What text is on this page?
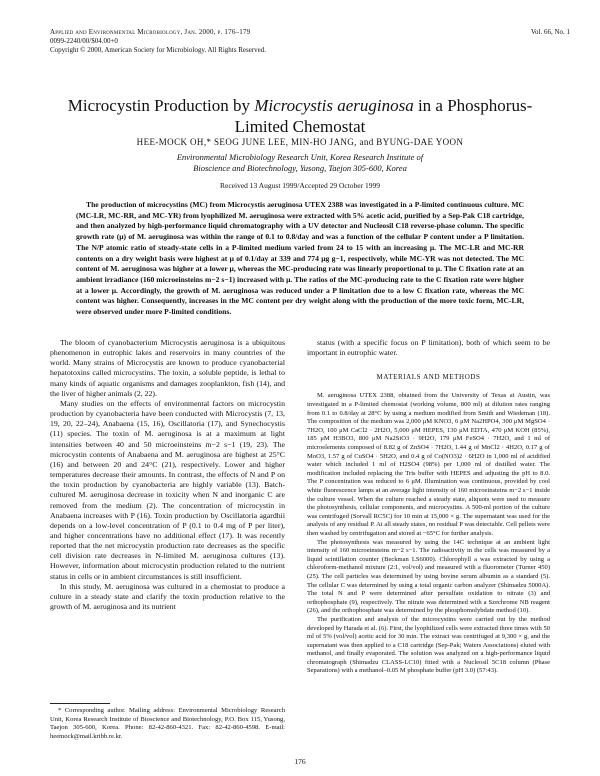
Applied and Environmental Microbiology, Jan. 2000, p. 176–179
0099-2240/00/$04.00+0
Copyright © 2000, American Society for Microbiology. All Rights Reserved.
Vol. 66, No. 1
Microcystin Production by Microcystis aeruginosa in a Phosphorus-Limited Chemostat
HEE-MOCK OH,* SEOG JUNE LEE, MIN-HO JANG, and BYUNG-DAE YOON
Environmental Microbiology Research Unit, Korea Research Institute of
Bioscience and Biotechnology, Yusong, Taejon 305-600, Korea
Received 13 August 1999/Accepted 29 October 1999

The production of microcystins (MC) from Microcystis aeruginosa UTEX 2388 was investigated in a P-limited continuous culture. MC (MC-LR, MC-RR, and MC-YR) from lyophilized M. aeruginosa were extracted with 5% acetic acid, purified by a Sep-Pak C18 cartridge, and then analyzed by high-performance liquid chromatography with a UV detector and Nucleosil C18 reverse-phase column. The specific growth rate (μ) of M. aeruginosa was within the range of 0.1 to 0.8/day and was a function of the cellular P content under a P limitation. The N/P atomic ratio of steady-state cells in a P-limited medium varied from 24 to 15 with an increasing μ. The MC-LR and MC-RR contents on a dry weight basis were highest at μ of 0.1/day at 339 and 774 μg g−1, respectively, while MC-YR was not detected. The MC content of M. aeruginosa was higher at a lower μ, whereas the MC-producing rate was linearly proportional to μ. The C fixation rate at an ambient irradiance (160 microeinsteins m−2 s−1) increased with μ. The ratios of the MC-producing rate to the C fixation rate were higher at a lower μ. Accordingly, the growth of M. aeruginosa was reduced under a P limitation due to a low C fixation rate, whereas the MC content was higher. Consequently, increases in the MC content per dry weight along with the production of the more toxic form, MC-LR, were observed under more P-limited conditions.

The bloom of cyanobacterium Microcystis aeruginosa is a ubiquitous phenomenon in eutrophic lakes and reservoirs in many countries of the world. Many strains of Microcystis are known to produce cyanobacterial hepatotoxins called microcystins. The toxin, a soluble peptide, is lethal to many kinds of aquatic organisms and damages zooplankton, fish (14), and the liver of higher animals (2, 22).

Many studies on the effects of environmental factors on microcystin production by cyanobacteria have been conducted with Microcystis (7, 13, 19, 20, 22–24), Anabaena (15, 16), Oscillatoria (17), and Synechocystis (11) species. The toxin of M. aeruginosa is at a maximum at light intensities between 40 and 50 microeinsteins m−2 s−1 (19, 23). The microcystin contents of Anabaena and M. aeruginosa are highest at 25°C (16) and between 20 and 24°C (21), respectively. Lower and higher temperatures decrease their amounts. In contrast, the effects of N and P on the toxin production by cyanobacteria are highly variable (13). Batch-cultured M. aeruginosa decrease in toxicity when N and inorganic C are removed from the medium (2). The concentration of microcystin in Anabaena increases with P (16). Toxin production by Oscillatoria agardhii depends on a low-level concentration of P (0.1 to 0.4 mg of P per liter), and higher concentrations have no additional effect (17). It was recently reported that the net microcystin production rate decreases as the specific cell division rate decreases in N-limited M. aeruginosa cultures (13). However, information about microcystin production related to the nutrient status in cells or in ambient circumstances is still insufficient.

In this study, M. aeruginosa was cultured in a chemostat to produce a culture in a steady state and clarify the toxin production relative to the growth of M. aeruginosa and its nutrient

* Corresponding author. Mailing address: Environmental Microbiology Research Unit, Korea Research Institute of Bioscience and Biotechnology, P.O. Box 115, Yusong, Taejon 305-600, Korea. Phone: 82-42-860-4321. Fax: 82-42-860-4598. E-mail: heemock@mail.kribb.re.kr.

status (with a specific focus on P limitation), both of which seem to be important in eutrophic water.

MATERIALS AND METHODS

M. aeruginosa UTEX 2388, obtained from the University of Texas at Austin, was investigated in a P-limited chemostat (working volume, 800 ml) at dilution rates ranging from 0.1 to 0.8/day at 28°C by using a medium modified from Smith and Wiedeman (18). The composition of the medium was 2,000 μM KNO3, 6 μM Na2HPO4, 300 μM MgSO4 · 7H2O, 100 μM CaCl2 · 2H2O, 5,000 μM HEPES, 130 μM EDTA, 470 μM KOH (85%), 185 μM H3BO3, 800 μM Na2SiO3 · 9H2O, 179 μM FeSO4 · 7H2O, and 1 ml of microelements composed of 8.82 g of ZnSO4 · 7H2O, 1.44 g of MnCl2 · 4H2O, 0.17 g of MoO3, 1.57 g of CuSO4 · 5H2O, and 0.4 g of Co(NO3)2 · 6H2O in 1,000 ml of acidified water which included 1 ml of H2SO4 (98%) per 1,000 ml of distilled water. The modification included replacing the Tris buffer with HEPES and adjusting the pH to 8.0. The P concentration was reduced to 6 μM. Illumination was continuous, provided by cool white fluorescence lamps at an average light intensity of 160 microeinsteins m−2 s−1 inside the culture vessel. When the culture reached a steady state, aliquots were used to measure the photosynthesis, cellular components, and microcystins. A 500-ml portion of the culture was centrifuged (Sorvall RC5C) for 10 min at 15,000 × g. The supernatant was used for the analysis of any residual P. At all steady states, no residual P was detectable. Cell pellets were then washed by centrifugation and stored at −65°C for further analysis.

The photosynthesis was measured by using the 14C technique at an ambient light intensity of 160 microeinsteins m−2 s−1. The radioactivity in the cells was measured by a liquid scintillation counter (Beckman LS6000). Chlorophyll a was extracted by using a chloroform-methanol mixture (2:1, vol/vol) and measured with a fluorometer (Turner 450) (25). The cell particles was determined by using bovine serum albumin as a standard (5). The cellular C was determined by using a total organic carbon analyzer (Shimadzu 5000A). The total N and P were determined after persulfate oxidation to nitrate (3) and orthophosphate (9), respectively. The nitrate was determined with a Szechrome NB reagent (26), and the orthophosphate was determined by the phosphomolybdate method (10).

The purification and analysis of the microcystins were carried out by the method developed by Harada et al. (6). First, the lyophilized cells were extracted three times with 50 ml of 5% (vol/vol) acetic acid for 30 min. The extract was centrifuged at 9,300 × g, and the supernatant was then applied to a C18 cartridge (Sep-Pak; Waters Associations) eluted with methanol, and finally evaporated. The solution was analyzed on a high-performance liquid chromatograph (Shimadzu CLASS-LC10) fitted with a Nucleosil 5C18 column (Phase Separations) with a methanol–0.05 M phosphate buffer (pH 3.0) (57:43).

176
